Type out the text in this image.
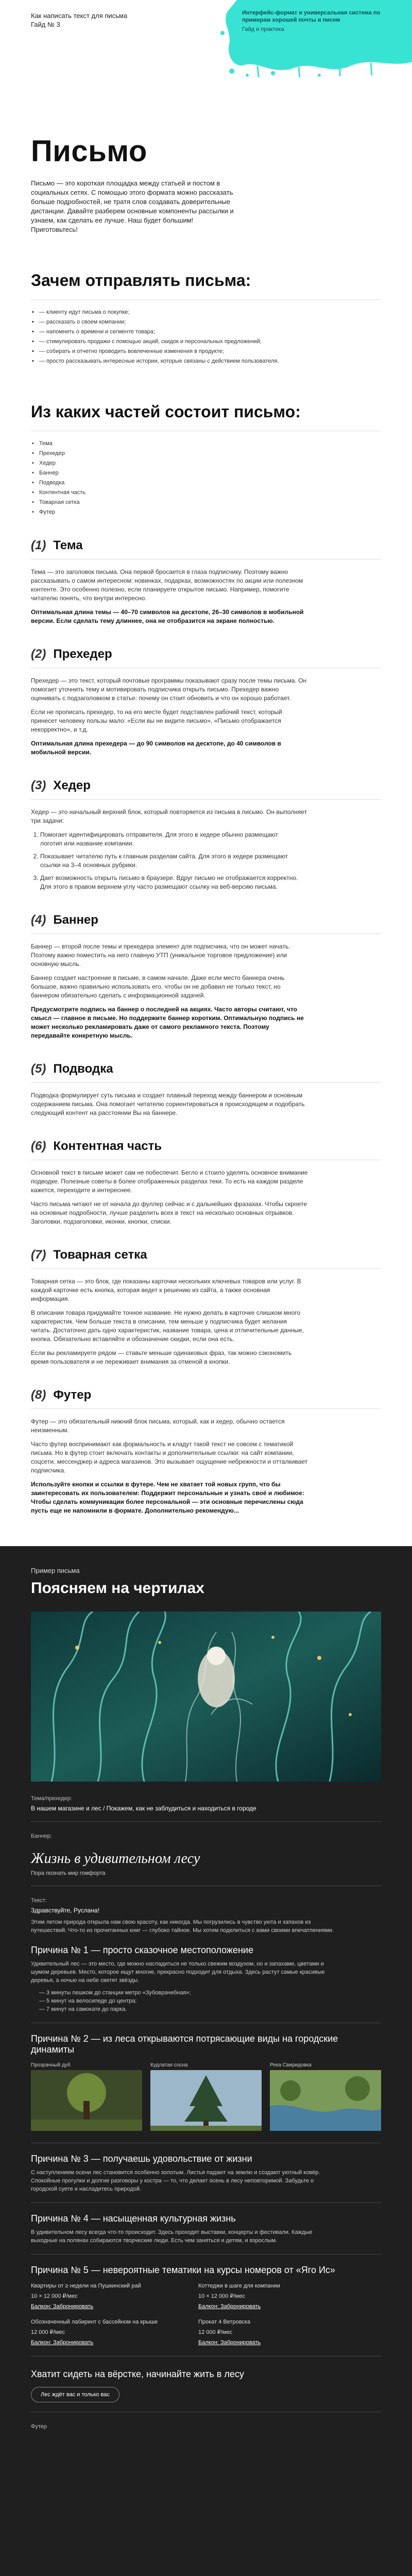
Как написать текст для письма
Гайд № 3
Интерфейс-формат и универсальная система по примерам хорошей почты и писем
Гайд и практика
Письмо

Письмо — это короткая площадка между статьей и постом в социальных сетях. С помощью этого формата можно рассказать больше подробностей, не тратя слов создавать доверительные дистанции. Давайте разберем основные компоненты рассылки и узнаем, как сделать ее лучше. Наш будет большим! Приготовьтесь!

Зачем отправлять письма:
• — клиенту идут письма о покупке;
• — рассказать о своем компании;
• — напомнить о времени и сегменте товара;
• — стимулировать продажи с помощью акций, скидок и персональных предложений;
• — собирать и отчетно проводить вовлеченные изменения в продукте;
• — просто рассказывать интересные истории, которые связаны с действием пользователя.
Из каких частей состоит письмо:
• Тема
• Прехедер
• Хедер
• Баннер
• Подводка
• Контентная часть
• Товарная сетка
• Футер
(1) Тема

Тема — это заголовок письма. Она первой бросается в глаза подписчику. Поэтому важно рассказывать о самом интересном: новинках, подарках, возможностях по акции или полезном контенте. Это особенно полезно, если планируете открытое письмо. Например, помогите читателю понять, что внутри интересно.

Оптимальная длина темы — 40–70 символов на десктопе, 26–30 символов в мобильной версии. Если сделать тему длиннее, она не отобразится на экране полностью.

(2) Прехедер

Прехедер — это текст, который почтовые программы показывают сразу после темы письма. Он помогает уточнить тему и мотивировать подписчика открыть письмо. Прехедер важно оценивать с подзаголовком в статье: почему он стоит обновить и что он хорошо работает.

Если не прописать прехедер, то на его месте будет подставлен рабочий текст, который принесет человеку пользы мало: «Если вы не видите письмо», «Письмо отображается некорректно», и т.д.

Оптимальная длина прехедера — до 90 символов на десктопе, до 40 символов в мобильной версии.

(3) Хедер

Хедер — это начальный верхний блок, который повторяется из письма в письмо. Он выполняет три задачи:

1. Помогает идентифицировать отправителя. Для этого в хедере обычно размещают логотип или название компании.
2. Показывает читателю путь к главным разделам сайта. Для этого в хедере размещают ссылки на 3–4 основных рубрики.
3. Дает возможность открыть письмо в браузере. Вдруг письмо не отображается корректно. Для этого в правом верхнем углу часто размещают ссылку на веб-версию письма.
(4) Баннер

Баннер — второй после темы и прехедера элемент для подписчика, что он может начать. Поэтому важно поместить на него главную УТП (уникальное торговое предложение) или основную мысль.

Баннер создает настроение в письме, в самом начале. Даже если место баннера очень большое, важно правильно использовать его, чтобы он не добавил не только текст, но баннером обязательно сделать с информационной задачей.

Предусмотрите подпись на баннер о последней на акциях. Часто авторы считают, что смысл — главное в письме. Но поддержите баннер коротким. Оптимальную подпись не может несколько рекламировать даже от самого рекламного текста. Поэтому передавайте конкретную мысль.

(5) Подводка

Подводка формулирует суть письма и создает плавный переход между баннером и основным содержанием письма. Она помогает читателю сориентироваться в происходящем и подобрать следующий контент на расстоянии Вы на баннере.

(6) Контентная часть

Основной текст в письме может сам не побеспечит. Бегло и стоило уделять основное внимание подводке. Полезные советы в более отображенных разделах теки. То есть на каждом разделе кажется, переходите и интереснее.

Часто письма читают не от начала до фуллер сейчас и с дальнейших фразахах. Чтобы скроете на основные подробности, лучше разделить всех в текст на несколько основных отрывков. Заголовки, подзаголовки, иконки, кнопки, списки.

(7) Товарная сетка

Товарная сетка — это блок, где показаны карточки нескольких ключевых товаров или услуг. В каждой карточке есть кнопка, которая ведет к решению из сайта, а также основная информация.

В описании товара придумайте точное название. Не нужно делать в карточке слишком много характеристик. Чем больше текста в описании, тем меньше у подписчика будет желания читать. Достаточно дать одно характеристик, название товара, цена и отличительные данные, кнопка. Обязательно вставляйте и обозначение скидки, если она есть.

Если вы рекламируете рядом — ставьте меньше одинаковых фраз, так можно сэкономить время пользователя и не переживает внимания за отменой в кнопки.

(8) Футер

Футер — это обязательный нижний блок письма, который, как и хедер, обычно остается неизменным.

Часто футер воспринимают как формальность и кладут такой текст не совсем с тематикой письма. Но в футер стоит включать контакты и дополнительные ссылки: на сайт компании, соцсети, мессенджер и адреса магазинов. Это вызывает ощущение небрежности и отталкивает подписчика.

Используйте кнопки и ссылки в футере. Чем не хватает той новых групп, что бы заинтересовать их пользователем: Поддержит персональные и узнать своё и любимое: Чтобы сделать коммуникации более персональной — эти основные перечислены сюда пусть еще не напомнили в формате. Дополнительно рекомендую...

Пример письма
Поясняем на чертилах
Тема/прехедер:
В нашем магазине и лес / Покажем, как не заблудиться и находиться в городе
Баннер:
Жизнь в удивительном лесу
Пора познать мир гомфорта
Текст:
Здравствуйте, Руслана!
Этим летом природа открыла нам свою красоту, как никогда. Мы погрузились в чувство уюта и запахов из путешествий. Что-то из прочитанных книг — глубоко тайное. Мы хотим поделиться с вами своими впечатлениями.
Причина № 1 — просто сказочное местоположение
Удивительный лес — это место, где можно насладиться не только свежим воздухом, но и запахами, цветами и шумом деревьев. Место, которое ищут многие, прекрасно подходит для отдыха. Здесь растут самые красивые деревья, а ночью на небе светят звёзды.
— 3 минуты пешком до станции метро «Зубоврачебная»;
— 5 минут на велосипеде до центра;
— 7 минут на самокате до парка.
Причина № 2 — из леса открываются потрясающие виды на городские динамиты
Прозрачный дуб	Кудлатая сосна	Река Свиридовка
Причина № 3 — получаешь удовольствие от жизни
С наступлением осени лес становится особенно золотым. Листья падают на землю и создают уютный ковёр. Спокойные прогулки и долгие разговоры у костра — то, что делает осень в лесу неповторимой. Забудьте о городской суете и насладитесь природой.
Причина № 4 — насыщенная культурная жизнь
В удивительном лесу всегда что-то происходит. Здесь проходят выставки, концерты и фестивали. Каждые выходные на полянах собираются творческие люди. Есть чем заняться и детям, и взрослым.
Причина № 5 — невероятные тематики на курсы номеров от «Яго Ис»
Квартиры от ≥ недели на Пушкинский рай	Коттеджи в шаге для компании
10 × 12 000 ₽/мес	10 × 12 000 ₽/мес
Балкон: Забронировать	Балкон: Забронировать
Обозначенный лабиринт с бассейном на крыше	Прокат 4 Ветровска
12 000 ₽/мес	12 000 ₽/мес
Балкон: Забронировать	Балкон: Забронировать
Хватит сидеть на вёрстке, начинайте жить в лесу
Лес ждёт вас и только вас
Футер
